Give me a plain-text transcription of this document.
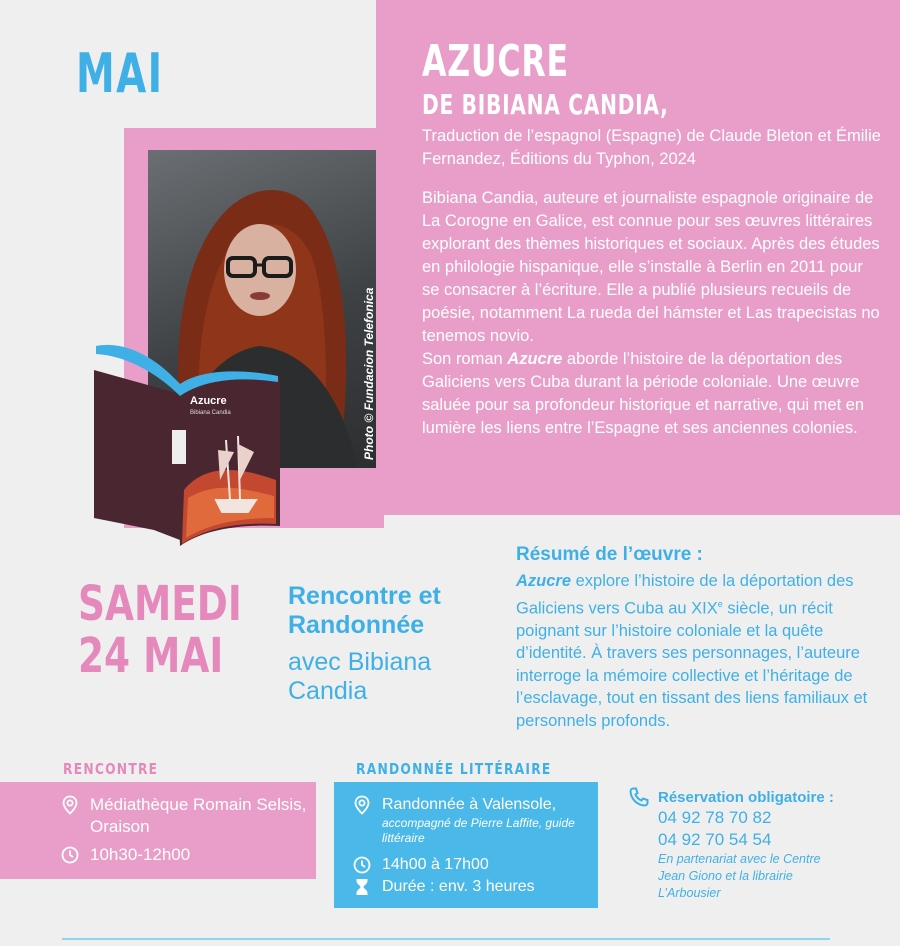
MAI
Photo © Fundacion Telefonica
Azucre
Bibiana Candia
AZUCRE
DE BIBIANA CANDIA,
Traduction de l’espagnol (Espagne) de Claude Bleton et Émilie Fernandez, Éditions du Typhon, 2024
Bibiana Candia, auteure et journaliste espagnole originaire de La Corogne en Galice, est connue pour ses œuvres littéraires explorant des thèmes historiques et sociaux. Après des études en philologie hispanique, elle s’installe à Berlin en 2011 pour se consacrer à l’écriture. Elle a publié plusieurs recueils de poésie, notamment La rueda del hámster et Las trapecistas no tenemos novio.
Son roman Azucre aborde l’histoire de la déportation des Galiciens vers Cuba durant la période coloniale. Une œuvre saluée pour sa profondeur historique et narrative, qui met en lumière les liens entre l’Espagne et ses anciennes colonies.
SAMEDI
24 MAI
Rencontre et Randonnée
avec Bibiana Candia
Résumé de l’œuvre :
Azucre explore l’histoire de la déportation des Galiciens vers Cuba au XIXe siècle, un récit poignant sur l’histoire coloniale et la quête d’identité. À travers ses personnages, l’auteure interroge la mémoire collective et l’héritage de l’esclavage, tout en tissant des liens familiaux et personnels profonds.
RENCONTRE	RANDONNÉE LITTÉRAIRE
Médiathèque Romain Selsis, Oraison
10h30-12h00
Randonnée à Valensole,
accompagné de Pierre Laffite, guide littéraire
14h00 à 17h00
Durée : env. 3 heures
Réservation obligatoire :
04 92 78 70 82
04 92 70 54 54
En partenariat avec le Centre Jean Giono et la librairie L’Arbousier
